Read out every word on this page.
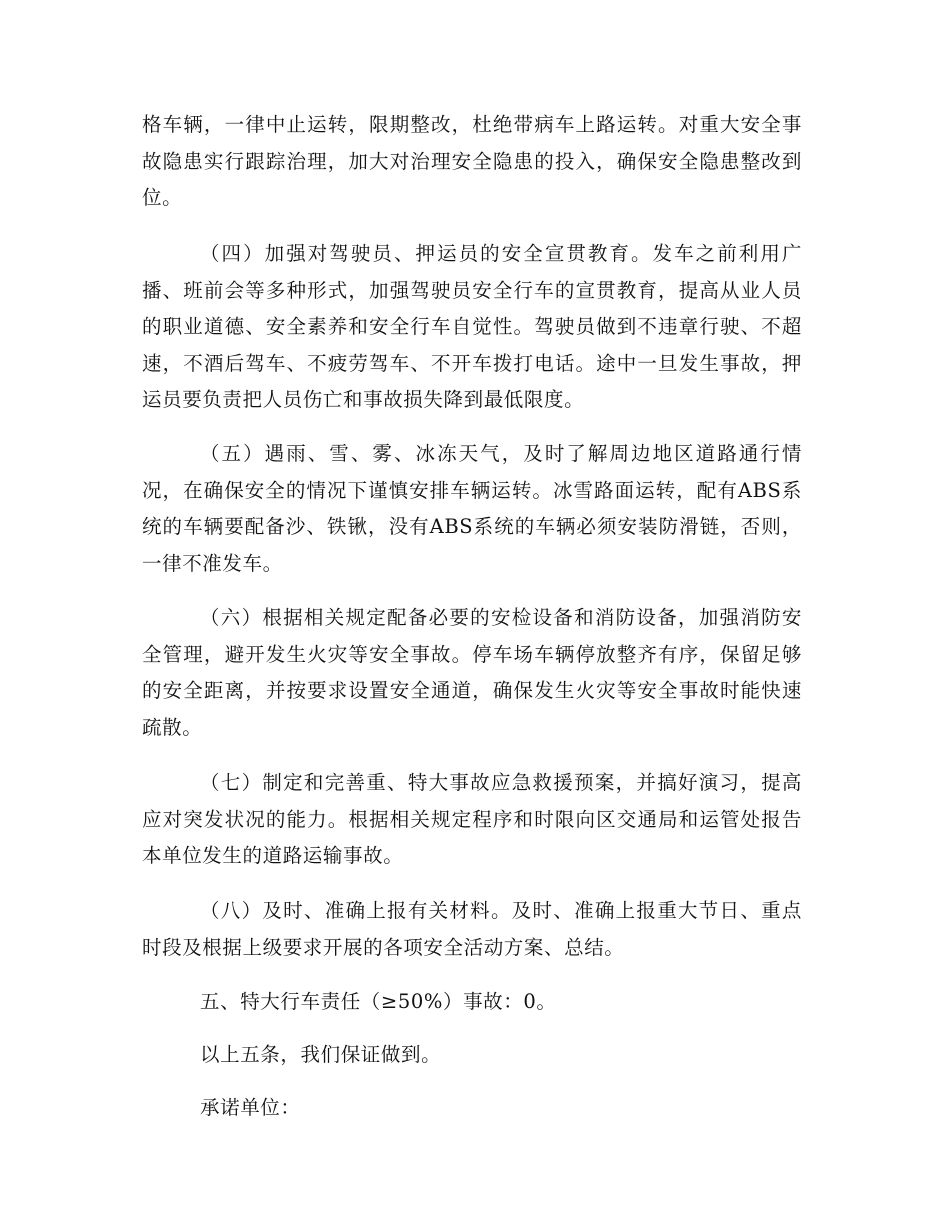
格车辆，一律中止运转，限期整改，杜绝带病车上路运转。对重大安全事故隐患实行跟踪治理，加大对治理安全隐患的投入，确保安全隐患整改到位。

（四）加强对驾驶员、押运员的安全宣贯教育。发车之前利用广播、班前会等多种形式，加强驾驶员安全行车的宣贯教育，提高从业人员的职业道德、安全素养和安全行车自觉性。驾驶员做到不违章行驶、不超速，不酒后驾车、不疲劳驾车、不开车拨打电话。途中一旦发生事故，押运员要负责把人员伤亡和事故损失降到最低限度。

（五）遇雨、雪、雾、冰冻天气，及时了解周边地区道路通行情况，在确保安全的情况下谨慎安排车辆运转。冰雪路面运转，配有ABS系统的车辆要配备沙、铁锹，没有ABS系统的车辆必须安装防滑链，否则，一律不准发车。

（六）根据相关规定配备必要的安检设备和消防设备，加强消防安全管理，避开发生火灾等安全事故。停车场车辆停放整齐有序，保留足够的安全距离，并按要求设置安全通道，确保发生火灾等安全事故时能快速疏散。

（七）制定和完善重、特大事故应急救援预案，并搞好演习，提高应对突发状况的能力。根据相关规定程序和时限向区交通局和运管处报告本单位发生的道路运输事故。

（八）及时、准确上报有关材料。及时、准确上报重大节日、重点时段及根据上级要求开展的各项安全活动方案、总结。

五、特大行车责任（≥50%）事故：0。

以上五条，我们保证做到。

承诺单位：
